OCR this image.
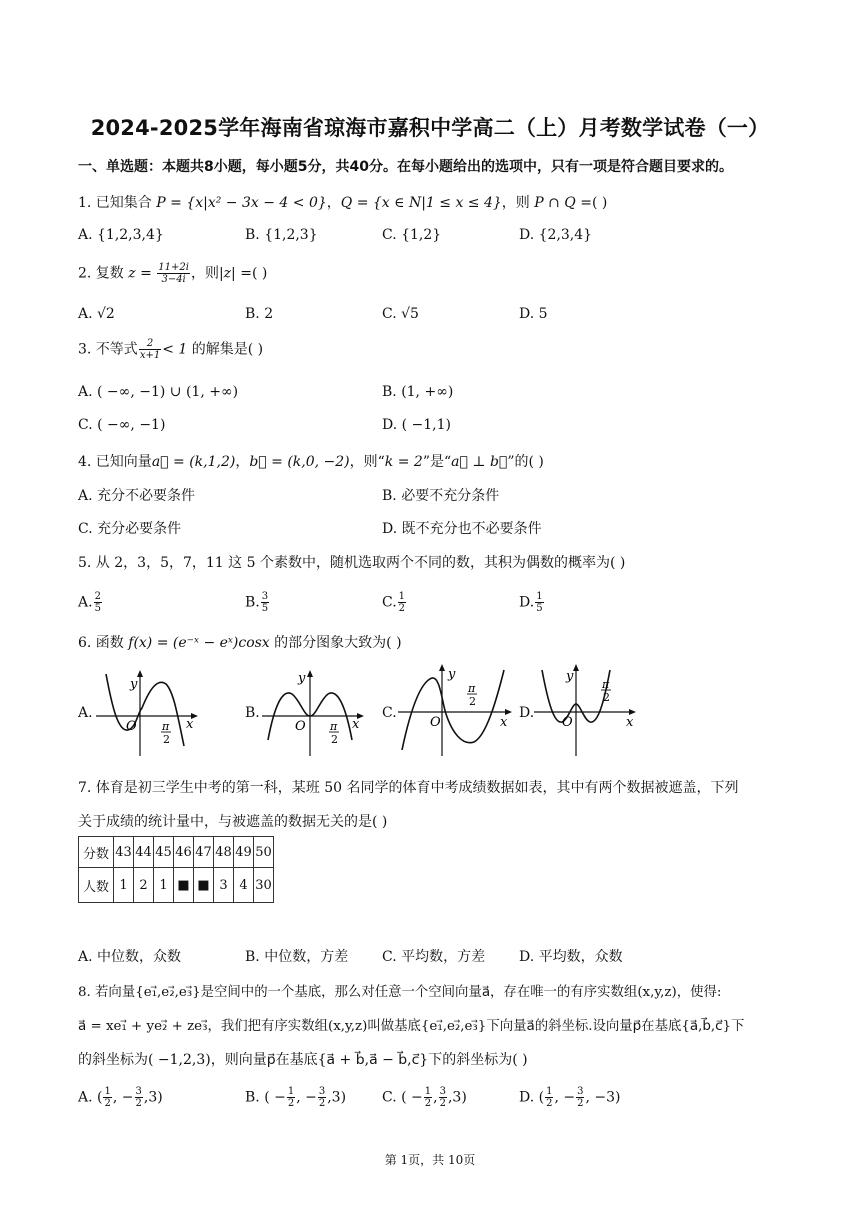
2024-2025学年海南省琼海市嘉积中学高二（上）月考数学试卷（一）
一、单选题：本题共8小题，每小题5分，共40分。在每小题给出的选项中，只有一项是符合题目要求的。
1. 已知集合 P = {x|x² − 3x − 4 < 0}，Q = {x ∈ N|1 ≤ x ≤ 4}，则 P ∩ Q =( )
A. {1,2,3,4}	B. {1,2,3}	C. {1,2}	D. {2,3,4}
2. 复数 $z = \frac{11+2i}{3-4i}$ ，则|z| =( )
A. √2	B. 2	C. √5	D. 5
3. 不等式 $\frac{2}{x+1} < 1$ 的解集是( )
A. ( −∞, −1) ∪ (1, +∞)	B. (1, +∞)
C. ( −∞, −1)	D. ( −1,1)
4. 已知向量a⃗ = (k,1,2)，b⃗ = (k,0, −2)，则“k = 2”是“a⃗ ⊥ b⃗”的( )
A. 充分不必要条件	B. 必要不充分条件
C. 充分必要条件	D. 既不充分也不必要条件
5. 从 2，3，5，7，11 这 5 个素数中，随机选取两个不同的数，其积为偶数的概率为( )
A. $\frac{2}{5}$	B. $\frac{3}{5}$	C. $\frac{1}{2}$	D. $\frac{1}{5}$
6. 函数 f(x) = (e⁻ˣ − eˣ)cosx 的部分图象大致为( )
A.
y
O	x
π
2
B.
y
O	x
π
2
C.
y
O	x
π
2
D.
y
O	x
π
2
7. 体育是初三学生中考的第一科，某班 50 名同学的体育中考成绩数据如表，其中有两个数据被遮盖，下列
关于成绩的统计量中，与被遮盖的数据无关的是( )
分数	43	44	45	46	47	48	49	50
人数	1	2	1	■	■	3	4	30
A. 中位数，众数	B. 中位数，方差 C. 平均数，方差 D. 平均数，众数
8. 若向量{e₁⃗,e₂⃗,e₃⃗}是空间中的一个基底，那么对任意一个空间向量a⃗，存在唯一的有序实数组(x,y,z)，使得:
a⃗ = xe₁⃗ + ye₂⃗ + ze₃⃗，我们把有序实数组(x,y,z)叫做基底{e₁⃗,e₂⃗,e₃⃗}下向量a⃗的斜坐标.设向量p⃗在基底{a⃗,b⃗,c⃗}下
的斜坐标为( −1,2,3)，则向量p⃗在基底{a⃗ + b⃗,a⃗ − b⃗,c⃗}下的斜坐标为( )
A. ( $\frac{1}{2}$ , − $\frac{3}{2} ,3$)	B. ( − $\frac{1}{2}$ , − $\frac{3}{2} ,3$)	C. ( − $\frac{1}{2}$ , $\frac{3}{2} ,3$)	D. ( $\frac{1}{2}$ , − $\frac{3}{2}$ , −3)
第 1页，共 10页
